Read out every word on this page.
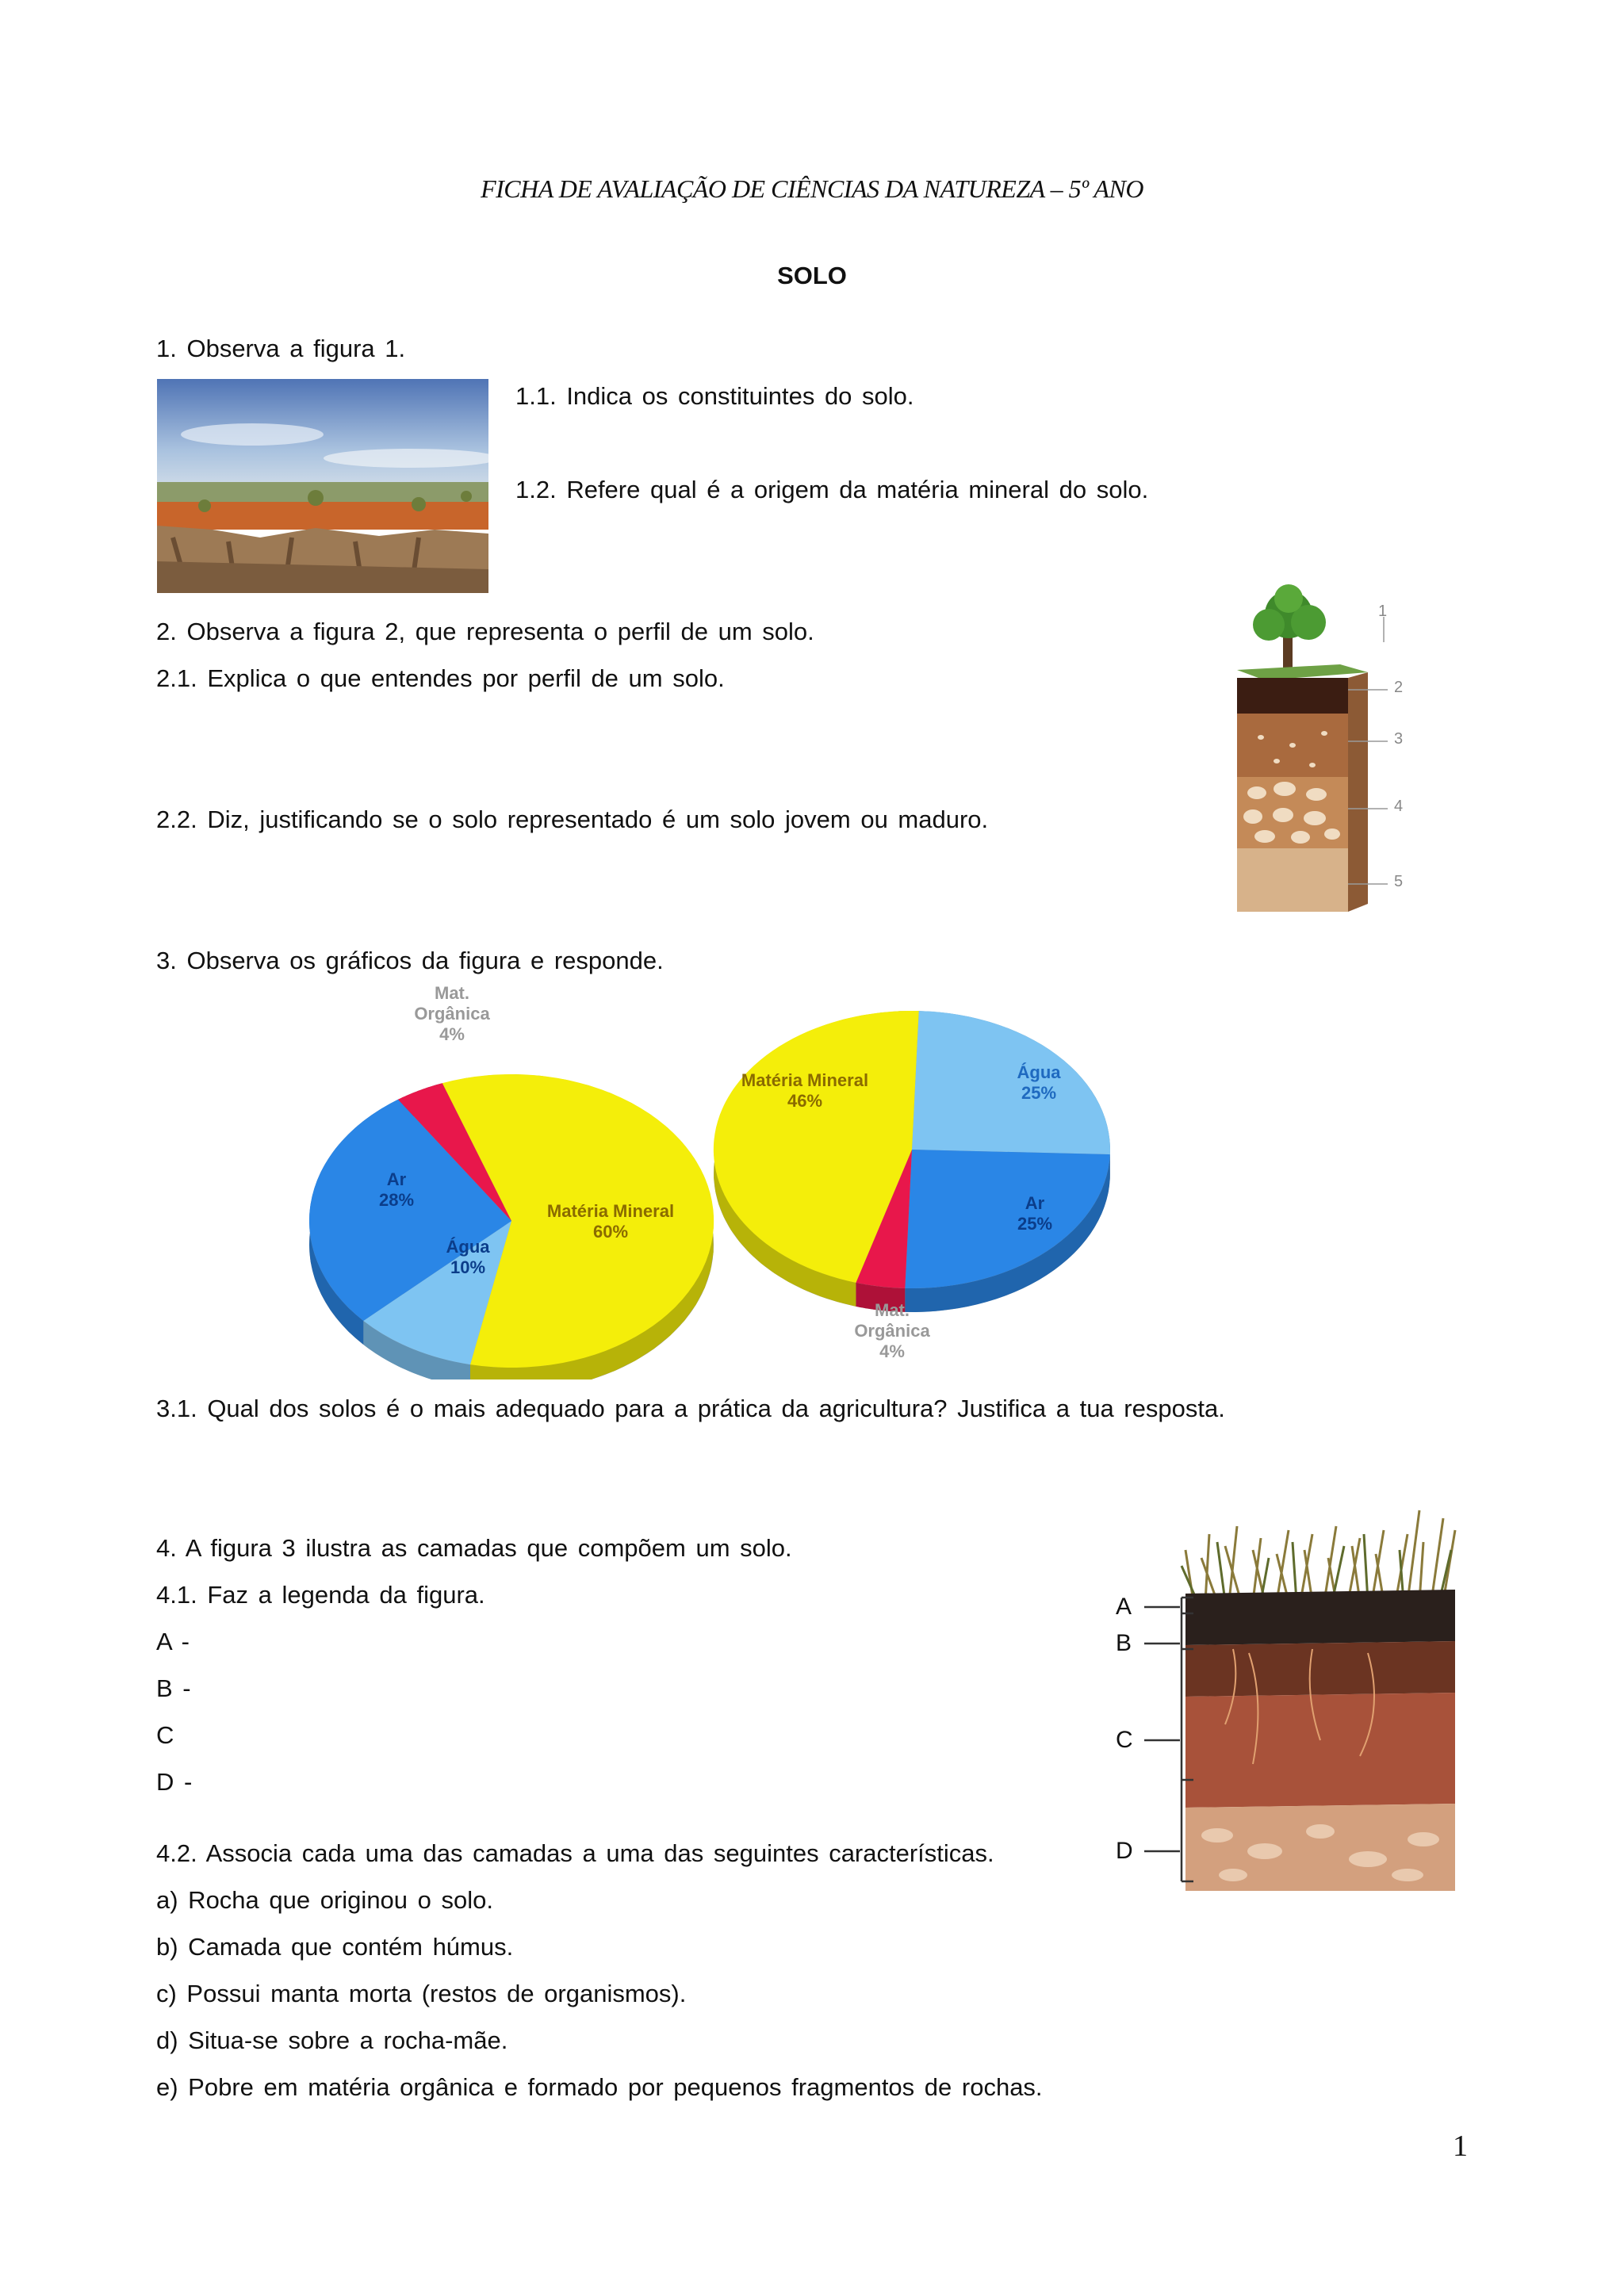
FICHA DE AVALIAÇÃO DE CIÊNCIAS DA NATUREZA – 5º ANO
SOLO
1. Observa a figura 1.
1.1. Indica os constituintes do solo.
1.2. Refere qual é a origem da matéria mineral do solo.
2. Observa a figura 2, que representa o perfil de um solo.
2.1. Explica o que entendes por perfil de um solo.
2.2. Diz, justificando se o solo representado é um solo jovem ou maduro.
1
2
3
4
5
3. Observa os gráficos da figura e responde.
Matéria Mineral 60%
Água 10%
Ar 28%
Mat. Orgânica 4%
Água 25%
Ar 25%
Mat. Orgânica 4%
Matéria Mineral 46%
3.1. Qual dos solos é o mais adequado para a prática da agricultura? Justifica a tua resposta.
4. A figura 3 ilustra as camadas que compõem um solo.
4.1. Faz a legenda da figura.
A -
B -
C
D -
4.2. Associa cada uma das camadas a uma das seguintes características.
a) Rocha que originou o solo.
b) Camada que contém húmus.
c) Possui manta morta (restos de organismos).
d) Situa-se sobre a rocha-mãe.
e) Pobre em matéria orgânica e formado por pequenos fragmentos de rochas.
A
B
C
D
1
